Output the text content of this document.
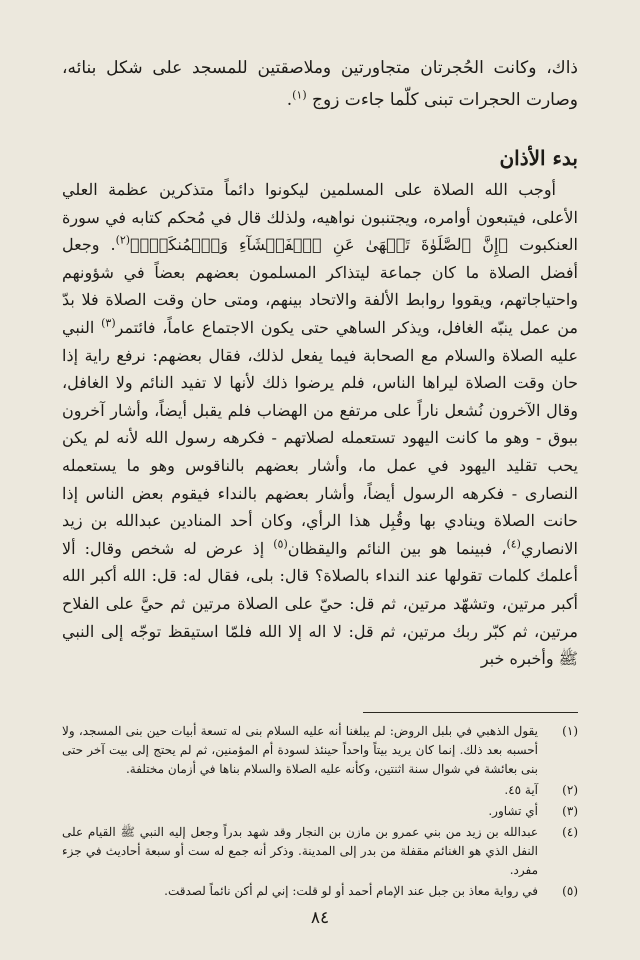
ذاك، وكانت الحُجرتان متجاورتين وملاصقتين للمسجد على شكل بنائه، وصارت الحجرات تبنى كلّما جاءت زوج $^{(١)}$.

بدء الأذان

أوجب الله الصلاة على المسلمين ليكونوا دائماً متذكرين عظمة العلي الأعلى، فيتبعون أوامره، ويجتنبون نواهيه، ولذلك قال في مُحكم كتابه في سورة العنكبوت ﴿إِنَّ ٱلصَّلَوٰةَ تَنۡهَىٰ عَنِ ٱلۡفَحۡشَآءِ وَٱلۡمُنكَرِۗ﴾$^{(٢)}$. وجعل أفضل الصلاة ما كان جماعة ليتذاكر المسلمون بعضهم بعضاً في شؤونهم واحتياجاتهم، ويقووا روابط الألفة والاتحاد بينهم، ومتى حان وقت الصلاة فلا بدّ من عمل ينبّه الغافل، ويذكر الساهي حتى يكون الاجتماع عاماً، فائتمر$^{(٣)}$ النبي عليه الصلاة والسلام مع الصحابة فيما يفعل لذلك، فقال بعضهم: نرفع راية إذا حان وقت الصلاة ليراها الناس، فلم يرضوا ذلك لأنها لا تفيد النائم ولا الغافل، وقال الآخرون نُشعل ناراً على مرتفع من الهضاب فلم يقبل أيضاً، وأشار آخرون ببوق - وهو ما كانت اليهود تستعمله لصلاتهم - فكرهه رسول الله لأنه لم يكن يحب تقليد اليهود في عمل ما، وأشار بعضهم بالناقوس وهو ما يستعمله النصارى - فكرهه الرسول أيضاً، وأشار بعضهم بالنداء فيقوم بعض الناس إذا حانت الصلاة وينادي بها وقُبِل هذا الرأي، وكان أحد المنادين عبدالله بن زيد الانصاري$^{(٤)}$، فبينما هو بين النائم واليقظان$^{(٥)}$ إذ عرض له شخص وقال: ألا أعلمك كلمات تقولها عند النداء بالصلاة؟ قال: بلى، فقال له: قل: الله أكبر الله أكبر مرتين، وتشهّد مرتين، ثم قل: حيّ على الصلاة مرتين ثم حيَّ على الفلاح مرتين، ثم كبّر ربك مرتين، ثم قل: لا اله إلا الله فلمّا استيقظ توجّه إلى النبي ﷺ وأخبره خبر

(١)
يقول الذهبي في بلبل الروض: لم يبلغنا أنه عليه السلام بنى له تسعة أبيات حين بنى المسجد، ولا أحسبه بعد ذلك. إنما كان يريد بيتاً واحداً حينئذ لسودة أم المؤمنين، ثم لم يحتج إلى بيت آخر حتى بنى بعائشة في شوال سنة اثنتين، وكأنه عليه الصلاة والسلام بناها في أزمان مختلفة.
(٢)
آية ٤٥.
(٣)
أي تشاور.
(٤)
عبدالله بن زيد من بني عمرو بن مازن بن النجار وقد شهد بدراً وجعل إليه النبي ﷺ القيام على النفل الذي هو الغنائم مقفلة من بدر إلى المدينة. وذكر أنه جمع له ست أو سبعة أحاديث في جزء مفرد.
(٥)
في رواية معاذ بن جبل عند الإمام أحمد أو لو قلت: إني لم أكن نائماً لصدقت.

٨٤
